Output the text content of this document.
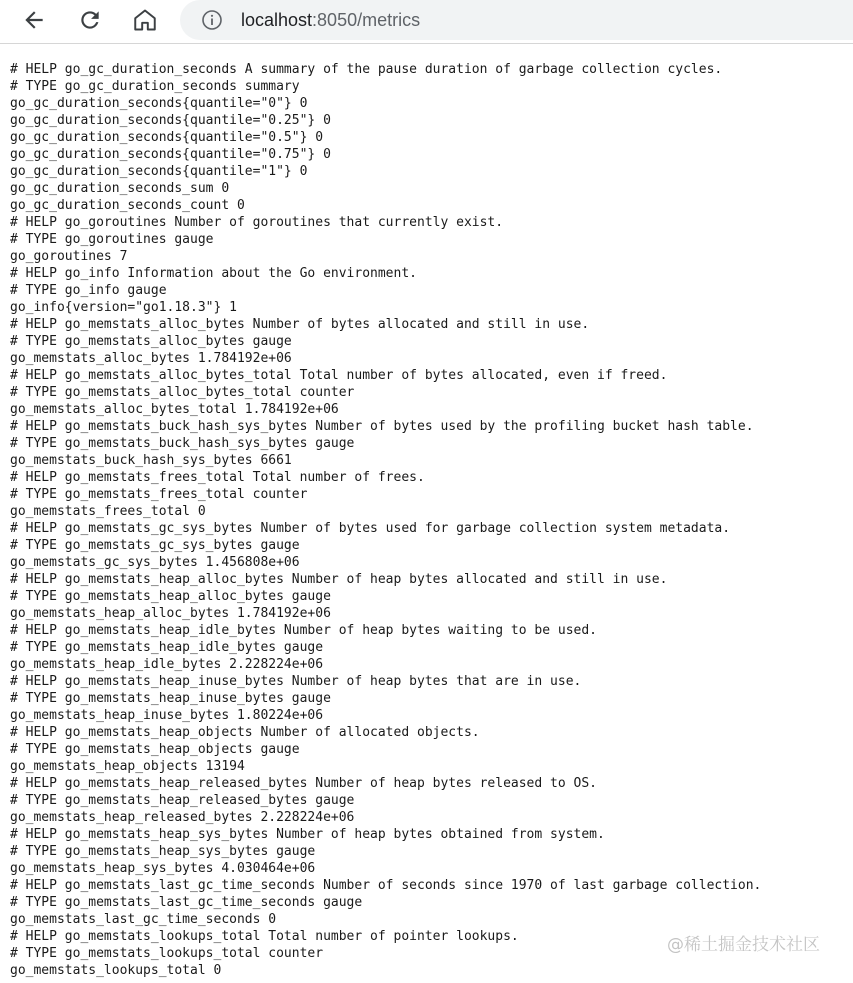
localhost:8050/metrics
# HELP go_gc_duration_seconds A summary of the pause duration of garbage collection cycles.
# TYPE go_gc_duration_seconds summary
go_gc_duration_seconds{quantile="0"} 0
go_gc_duration_seconds{quantile="0.25"} 0
go_gc_duration_seconds{quantile="0.5"} 0
go_gc_duration_seconds{quantile="0.75"} 0
go_gc_duration_seconds{quantile="1"} 0
go_gc_duration_seconds_sum 0
go_gc_duration_seconds_count 0
# HELP go_goroutines Number of goroutines that currently exist.
# TYPE go_goroutines gauge
go_goroutines 7
# HELP go_info Information about the Go environment.
# TYPE go_info gauge
go_info{version="go1.18.3"} 1
# HELP go_memstats_alloc_bytes Number of bytes allocated and still in use.
# TYPE go_memstats_alloc_bytes gauge
go_memstats_alloc_bytes 1.784192e+06
# HELP go_memstats_alloc_bytes_total Total number of bytes allocated, even if freed.
# TYPE go_memstats_alloc_bytes_total counter
go_memstats_alloc_bytes_total 1.784192e+06
# HELP go_memstats_buck_hash_sys_bytes Number of bytes used by the profiling bucket hash table.
# TYPE go_memstats_buck_hash_sys_bytes gauge
go_memstats_buck_hash_sys_bytes 6661
# HELP go_memstats_frees_total Total number of frees.
# TYPE go_memstats_frees_total counter
go_memstats_frees_total 0
# HELP go_memstats_gc_sys_bytes Number of bytes used for garbage collection system metadata.
# TYPE go_memstats_gc_sys_bytes gauge
go_memstats_gc_sys_bytes 1.456808e+06
# HELP go_memstats_heap_alloc_bytes Number of heap bytes allocated and still in use.
# TYPE go_memstats_heap_alloc_bytes gauge
go_memstats_heap_alloc_bytes 1.784192e+06
# HELP go_memstats_heap_idle_bytes Number of heap bytes waiting to be used.
# TYPE go_memstats_heap_idle_bytes gauge
go_memstats_heap_idle_bytes 2.228224e+06
# HELP go_memstats_heap_inuse_bytes Number of heap bytes that are in use.
# TYPE go_memstats_heap_inuse_bytes gauge
go_memstats_heap_inuse_bytes 1.80224e+06
# HELP go_memstats_heap_objects Number of allocated objects.
# TYPE go_memstats_heap_objects gauge
go_memstats_heap_objects 13194
# HELP go_memstats_heap_released_bytes Number of heap bytes released to OS.
# TYPE go_memstats_heap_released_bytes gauge
go_memstats_heap_released_bytes 2.228224e+06
# HELP go_memstats_heap_sys_bytes Number of heap bytes obtained from system.
# TYPE go_memstats_heap_sys_bytes gauge
go_memstats_heap_sys_bytes 4.030464e+06
# HELP go_memstats_last_gc_time_seconds Number of seconds since 1970 of last garbage collection.
# TYPE go_memstats_last_gc_time_seconds gauge
go_memstats_last_gc_time_seconds 0
# HELP go_memstats_lookups_total Total number of pointer lookups.
# TYPE go_memstats_lookups_total counter
go_memstats_lookups_total 0
@稀土掘金技术社区
